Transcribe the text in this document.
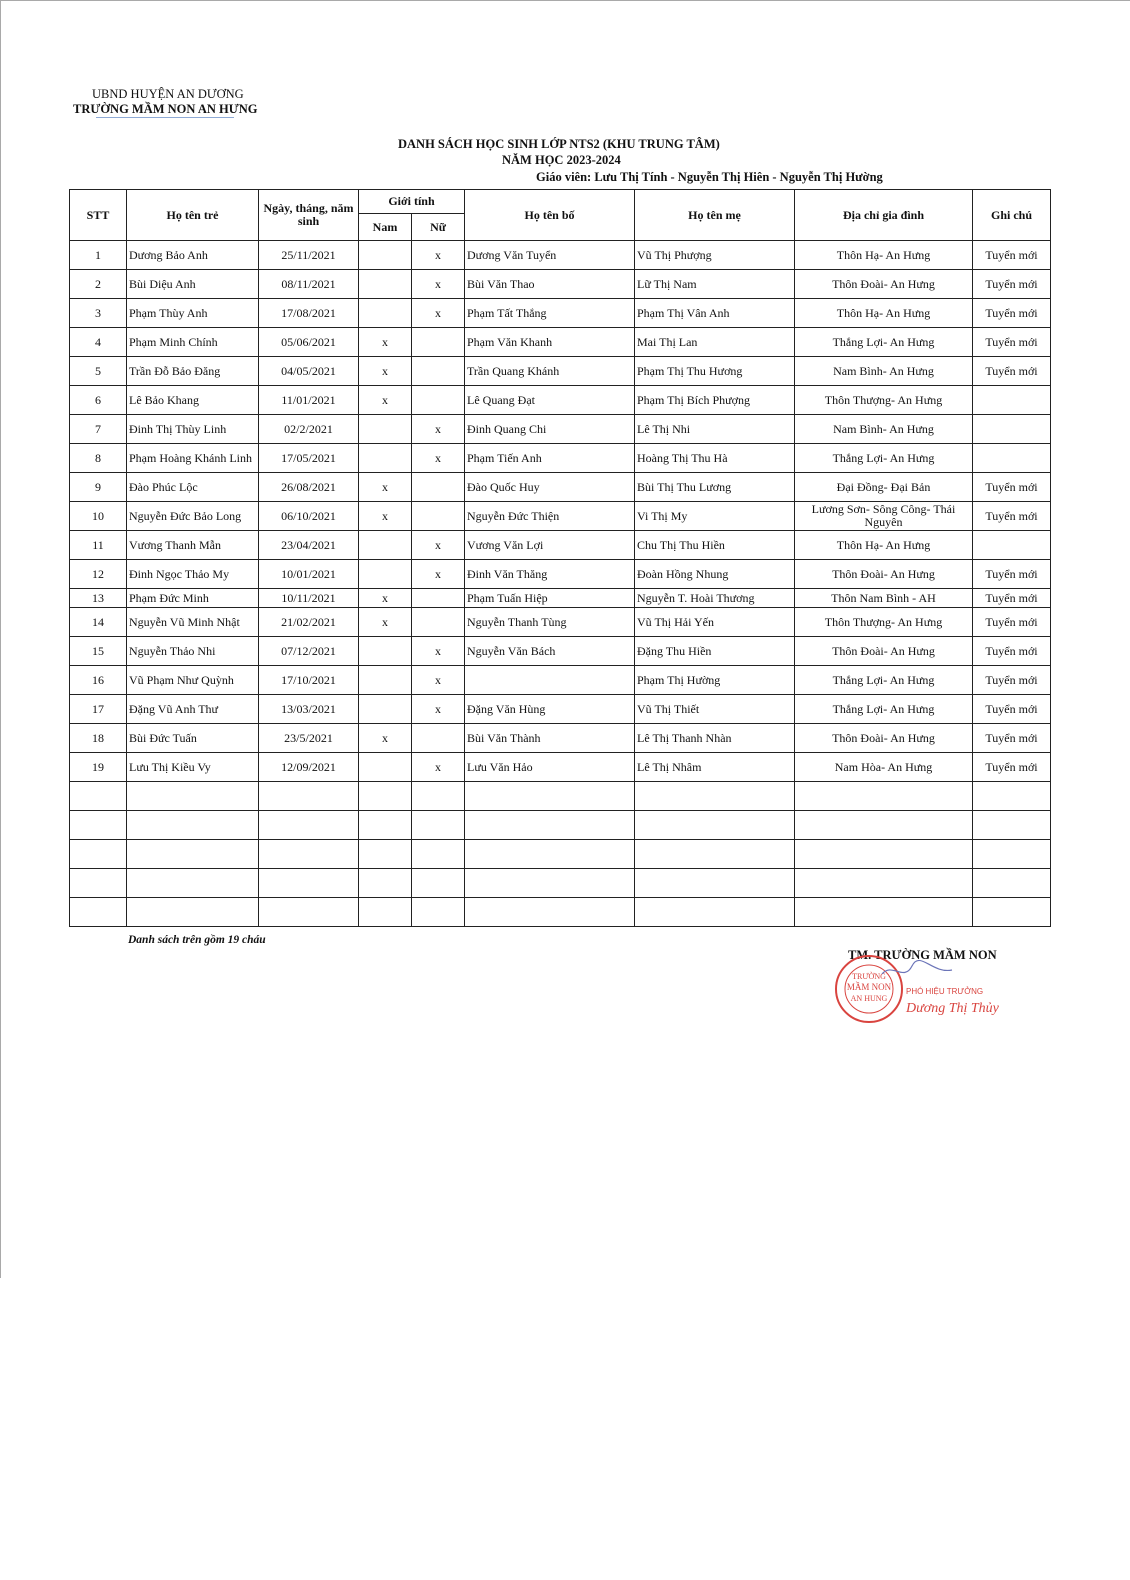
UBND HUYỆN AN DƯƠNG
TRƯỜNG MẦM NON AN HƯNG
DANH SÁCH HỌC SINH LỚP NTS2 (KHU TRUNG TÂM)
NĂM HỌC 2023-2024
Giáo viên: Lưu Thị Tính - Nguyễn Thị Hiên - Nguyễn Thị Hường
STT	Họ tên trẻ	Ngày, tháng, năm sinh	Giới tính		Họ tên bố	Họ tên mẹ	Địa chỉ gia đình	Ghi chú
			Nam	Nữ				
1	Dương Bảo Anh	25/11/2021		x	Dương Văn Tuyển	Vũ Thị Phượng	Thôn Hạ- An Hưng	Tuyển mới
2	Bùi Diệu Anh	08/11/2021		x	Bùi Văn Thao	Lữ Thị Nam	Thôn Đoài- An Hưng	Tuyển mới
3	Phạm Thùy Anh	17/08/2021		x	Phạm Tất Thắng	Phạm Thị Vân Anh	Thôn Hạ- An Hưng	Tuyển mới
4	Phạm Minh Chính	05/06/2021	x		Phạm Văn Khanh	Mai Thị Lan	Thắng Lợi- An Hưng	Tuyển mới
5	Trần Đỗ Bảo Đăng	04/05/2021	x		Trần Quang Khánh	Phạm Thị Thu Hương	Nam Bình- An Hưng	Tuyển mới
6	Lê Bảo Khang	11/01/2021	x		Lê Quang Đạt	Phạm Thị Bích Phượng	Thôn Thượng- An Hưng	
7	Đinh Thị Thùy Linh	02/2/2021		x	Đinh Quang Chi	Lê Thị Nhi	Nam Bình- An Hưng	
8	Phạm Hoàng Khánh Linh	17/05/2021		x	Phạm Tiến Anh	Hoàng Thị Thu Hà	Thắng Lợi- An Hưng	
9	Đào Phúc Lộc	26/08/2021	x		Đào Quốc Huy	Bùi Thị Thu Lương	Đại Đồng- Đại Bản	Tuyển mới
10	Nguyễn Đức Bảo Long	06/10/2021	x		Nguyễn Đức Thiện	Vi Thị My	Lương Sơn- Sông Công- Thái Nguyên	Tuyển mới
11	Vương Thanh Mẫn	23/04/2021		x	Vương Văn Lợi	Chu Thị Thu Hiền	Thôn Hạ- An Hưng	
12	Đinh Ngọc Thảo My	10/01/2021		x	Đinh Văn Thăng	Đoàn Hồng Nhung	Thôn Đoài- An Hưng	Tuyển mới
13	Phạm Đức Minh	10/11/2021	x		Phạm Tuấn Hiệp	Nguyễn T. Hoài Thương	Thôn Nam Bình - AH	Tuyển mới
14	Nguyễn Vũ Minh Nhật	21/02/2021	x		Nguyễn Thanh Tùng	Vũ Thị Hải Yến	Thôn Thượng- An Hưng	Tuyển mới
15	Nguyễn Thảo Nhi	07/12/2021		x	Nguyễn Văn Bách	Đặng Thu Hiền	Thôn Đoài- An Hưng	Tuyển mới
16	Vũ Phạm Như Quỳnh	17/10/2021		x		Phạm Thị Hường	Thắng Lợi- An Hưng	Tuyển mới
17	Đặng Vũ Anh Thư	13/03/2021		x	Đặng Văn Hùng	Vũ Thị Thiết	Thắng Lợi- An Hưng	Tuyển mới
18	Bùi Đức Tuấn	23/5/2021	x		Bùi Văn Thành	Lê Thị Thanh Nhàn	Thôn Đoài- An Hưng	Tuyển mới
19	Lưu Thị Kiều Vy	12/09/2021		x	Lưu Văn Hảo	Lê Thị Nhâm	Nam Hòa- An Hưng	Tuyển mới

Danh sách trên gồm 19 cháu
TM. TRƯỜNG MẦM NON
TRƯỜNG
MẦM NON
AN HUNG
PHÓ HIỆU TRƯỞNG
Dương Thị Thủy
